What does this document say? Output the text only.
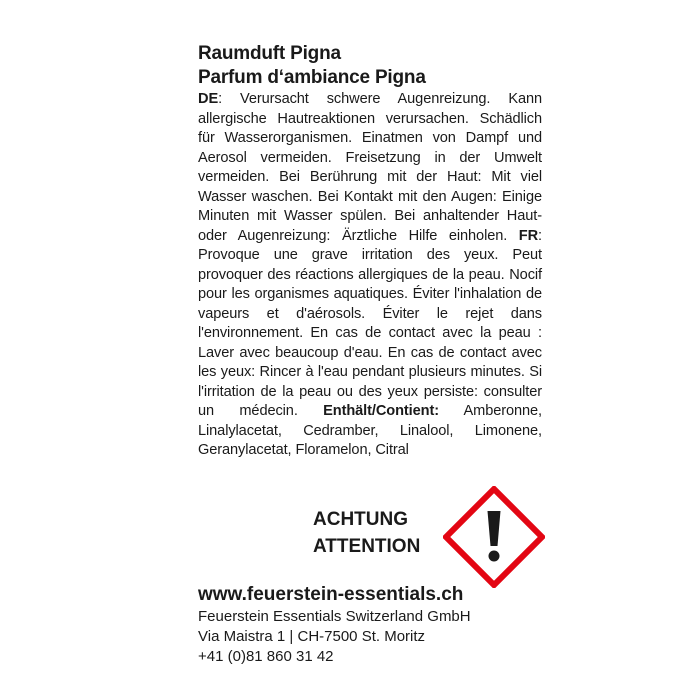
Raumduft Pigna
Parfum d‘ambiance Pigna
DE: Verursacht schwere Augenreizung. Kann allergische Hautreaktionen verursachen. Schädlich für Wasserorganismen. Einatmen von Dampf und Aerosol vermeiden. Freisetzung in der Umwelt vermeiden. Bei Berührung mit der Haut: Mit viel Wasser waschen. Bei Kontakt mit den Augen: Einige Minuten mit Wasser spülen. Bei anhaltender Haut- oder Augenreizung: Ärztliche Hilfe einholen. FR: Provoque une grave irritation des yeux. Peut provoquer des réactions allergiques de la peau. Nocif pour les organismes aquatiques. Éviter l'inhalation de vapeurs et d'aérosols. Éviter le rejet dans l'environnement. En cas de contact avec la peau : Laver avec beaucoup d'eau. En cas de contact avec les yeux: Rincer à l'eau pendant plusieurs minutes. Si l'irritation de la peau ou des yeux persiste: consulter un médecin. Enthält/Contient: Amberonne, Linalylacetat, Cedramber, Linalool, Limonene, Geranylacetat, Floramelon, Citral
ACHTUNG
ATTENTION
www.feuerstein-essentials.ch
Feuerstein Essentials Switzerland GmbH
Via Maistra 1 | CH-7500 St. Moritz
+41 (0)81 860 31 42
